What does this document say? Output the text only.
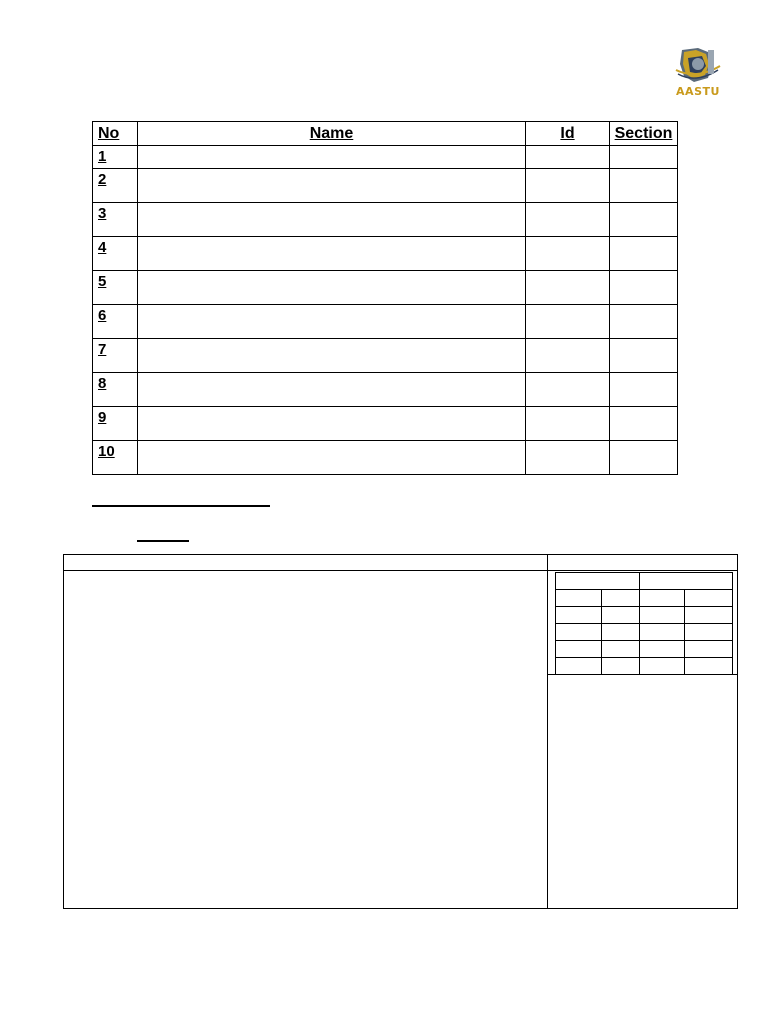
AASTU
No	Name	Id	Section
1			
2			
3			
4			
5			
6			
7			
8			
9			
10			
